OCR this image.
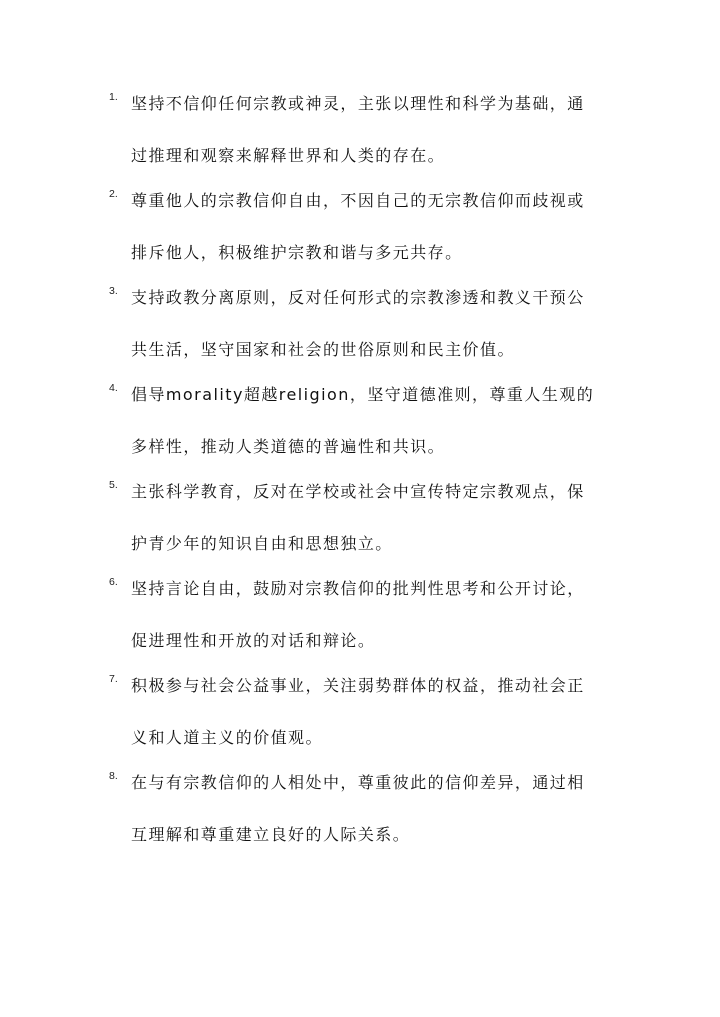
1. 坚持不信仰任何宗教或神灵，主张以理性和科学为基础，通
过推理和观察来解释世界和人类的存在。
2. 尊重他人的宗教信仰自由，不因自己的无宗教信仰而歧视或
排斥他人，积极维护宗教和谐与多元共存。
3. 支持政教分离原则，反对任何形式的宗教渗透和教义干预公
共生活，坚守国家和社会的世俗原则和民主价值。
4. 倡导morality超越religion，坚守道德准则，尊重人生观的
多样性，推动人类道德的普遍性和共识。
5. 主张科学教育，反对在学校或社会中宣传特定宗教观点，保
护青少年的知识自由和思想独立。
6. 坚持言论自由，鼓励对宗教信仰的批判性思考和公开讨论，
促进理性和开放的对话和辩论。
7. 积极参与社会公益事业，关注弱势群体的权益，推动社会正
义和人道主义的价值观。
8. 在与有宗教信仰的人相处中，尊重彼此的信仰差异，通过相
互理解和尊重建立良好的人际关系。
